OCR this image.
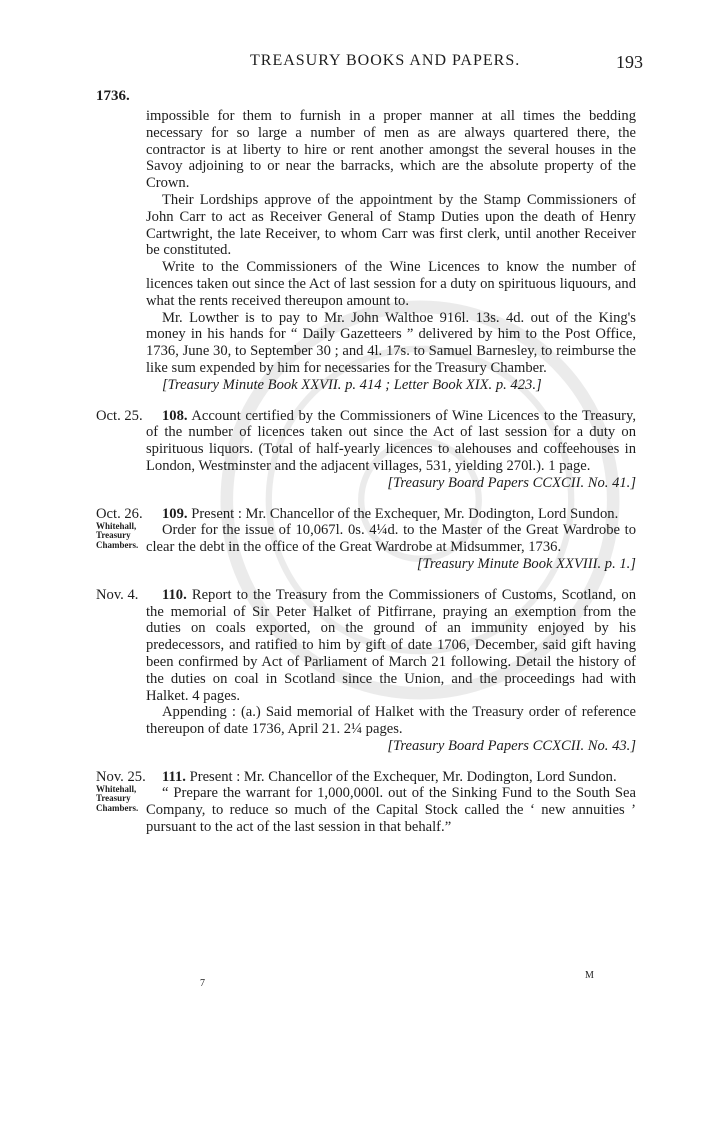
TREASURY BOOKS AND PAPERS.	193
1736.

impossible for them to furnish in a proper manner at all times the bedding necessary for so large a number of men as are always quartered there, the contractor is at liberty to hire or rent another amongst the several houses in the Savoy adjoining to or near the barracks, which are the absolute property of the Crown.

Their Lordships approve of the appointment by the Stamp Commissioners of John Carr to act as Receiver General of Stamp Duties upon the death of Henry Cartwright, the late Receiver, to whom Carr was first clerk, until another Receiver be constituted.

Write to the Commissioners of the Wine Licences to know the number of licences taken out since the Act of last session for a duty on spirituous liquours, and what the rents received thereupon amount to.

Mr. Lowther is to pay to Mr. John Walthoe 916l. 13s. 4d. out of the King's money in his hands for “ Daily Gazetteers ” delivered by him to the Post Office, 1736, June 30, to September 30 ; and 4l. 17s. to Samuel Barnesley, to reimburse the like sum expended by him for necessaries for the Treasury Chamber.

[Treasury Minute Book XXVII. p. 414 ; Letter Book XIX. p. 423.]

Oct. 25.	108. Account certified by the Commissioners of Wine Licences to the Treasury, of the number of licences taken out since the Act of last session for a duty on spirituous liquors. (Total of half-yearly licences to alehouses and coffeehouses in London, Westminster and the adjacent villages, 531, yielding 270l.). 1 page.

[Treasury Board Papers CCXCII. No. 41.]

Oct. 26.
Whitehall, Treasury Chambers.

109. Present : Mr. Chancellor of the Exchequer, Mr. Dodington, Lord Sundon.

Order for the issue of 10,067l. 0s. 4¼d. to the Master of the Great Wardrobe to clear the debt in the office of the Great Wardrobe at Midsummer, 1736.

[Treasury Minute Book XXVIII. p. 1.]

Nov. 4.	110. Report to the Treasury from the Commissioners of Customs, Scotland, on the memorial of Sir Peter Halket of Pitfirrane, praying an exemption from the duties on coals exported, on the ground of an immunity enjoyed by his predecessors, and ratified to him by gift of date 1706, December, said gift having been confirmed by Act of Parliament of March 21 following. Detail the history of the duties on coal in Scotland since the Union, and the proceedings had with Halket. 4 pages.

Appending : (a.) Said memorial of Halket with the Treasury order of reference thereupon of date 1736, April 21. 2¼ pages.

[Treasury Board Papers CCXCII. No. 43.]

Nov. 25.
Whitehall, Treasury Chambers.

111. Present : Mr. Chancellor of the Exchequer, Mr. Dodington, Lord Sundon.

“ Prepare the warrant for 1,000,000l. out of the Sinking Fund to the South Sea Company, to reduce so much of the Capital Stock called the ‘ new annuities ’ pursuant to the act of the last session in that behalf.”

7
M
